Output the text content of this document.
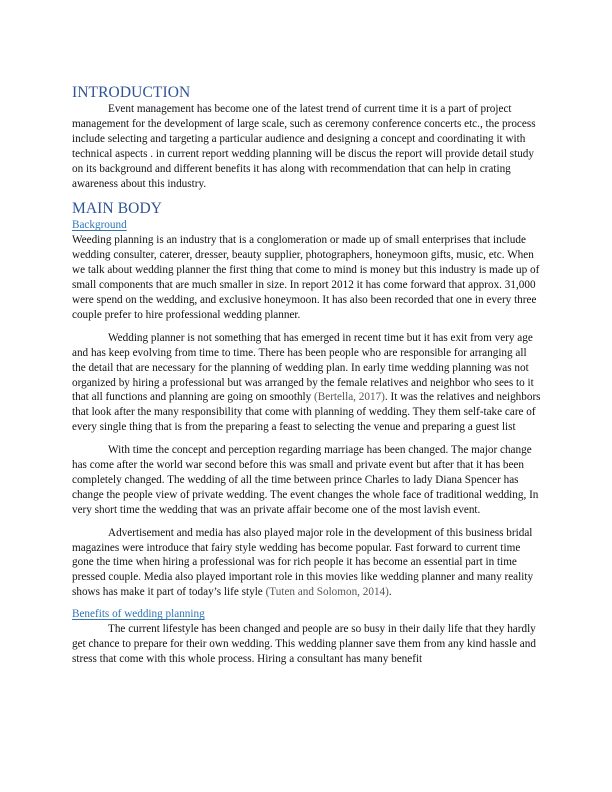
INTRODUCTION

Event management has become one of the latest trend of current time it is a part of project management for the development of large scale, such as ceremony conference concerts etc., the process include selecting and targeting a particular audience and designing a concept and coordinating it with technical aspects . in current report wedding planning will be discus the report will provide detail study on its background and different benefits it has along with recommendation that can help in crating awareness about this industry.

MAIN BODY
Background

Weeding planning is an industry that is a conglomeration or made up of small enterprises that include wedding consulter, caterer, dresser, beauty supplier, photographers, honeymoon gifts, music, etc. When we talk about wedding planner the first thing that come to mind is money but this industry is made up of small components that are much smaller in size. In report 2012 it has come forward that approx. 31,000 were spend on the wedding, and exclusive honeymoon. It has also been recorded that one in every three couple prefer to hire professional wedding planner.

Wedding planner is not something that has emerged in recent time but it has exit from very age and has keep evolving from time to time. There has been people who are responsible for arranging all the detail that are necessary for the planning of wedding plan. In early time wedding planning was not organized by hiring a professional but was arranged by the female relatives and neighbor who sees to it that all functions and planning are going on smoothly (Bertella, 2017). It was the relatives and neighbors that look after the many responsibility that come with planning of wedding. They them self-take care of every single thing that is from the preparing a feast to selecting the venue and preparing a guest list

With time the concept and perception regarding marriage has been changed. The major change has come after the world war second before this was small and private event but after that it has been completely changed. The wedding of all the time between prince Charles to lady Diana Spencer has change the people view of private wedding. The event changes the whole face of traditional wedding, In very short time the wedding that was an private affair become one of the most lavish event.

Advertisement and media has also played major role in the development of this business bridal magazines were introduce that fairy style wedding has become popular. Fast forward to current time gone the time when hiring a professional was for rich people it has become an essential part in time pressed couple. Media also played important role in this movies like wedding planner and many reality shows has make it part of today’s life style (Tuten and Solomon, 2014).

Benefits of wedding planning

The current lifestyle has been changed and people are so busy in their daily life that they hardly get chance to prepare for their own wedding. This wedding planner save them from any kind hassle and stress that come with this whole process. Hiring a consultant has many benefit
